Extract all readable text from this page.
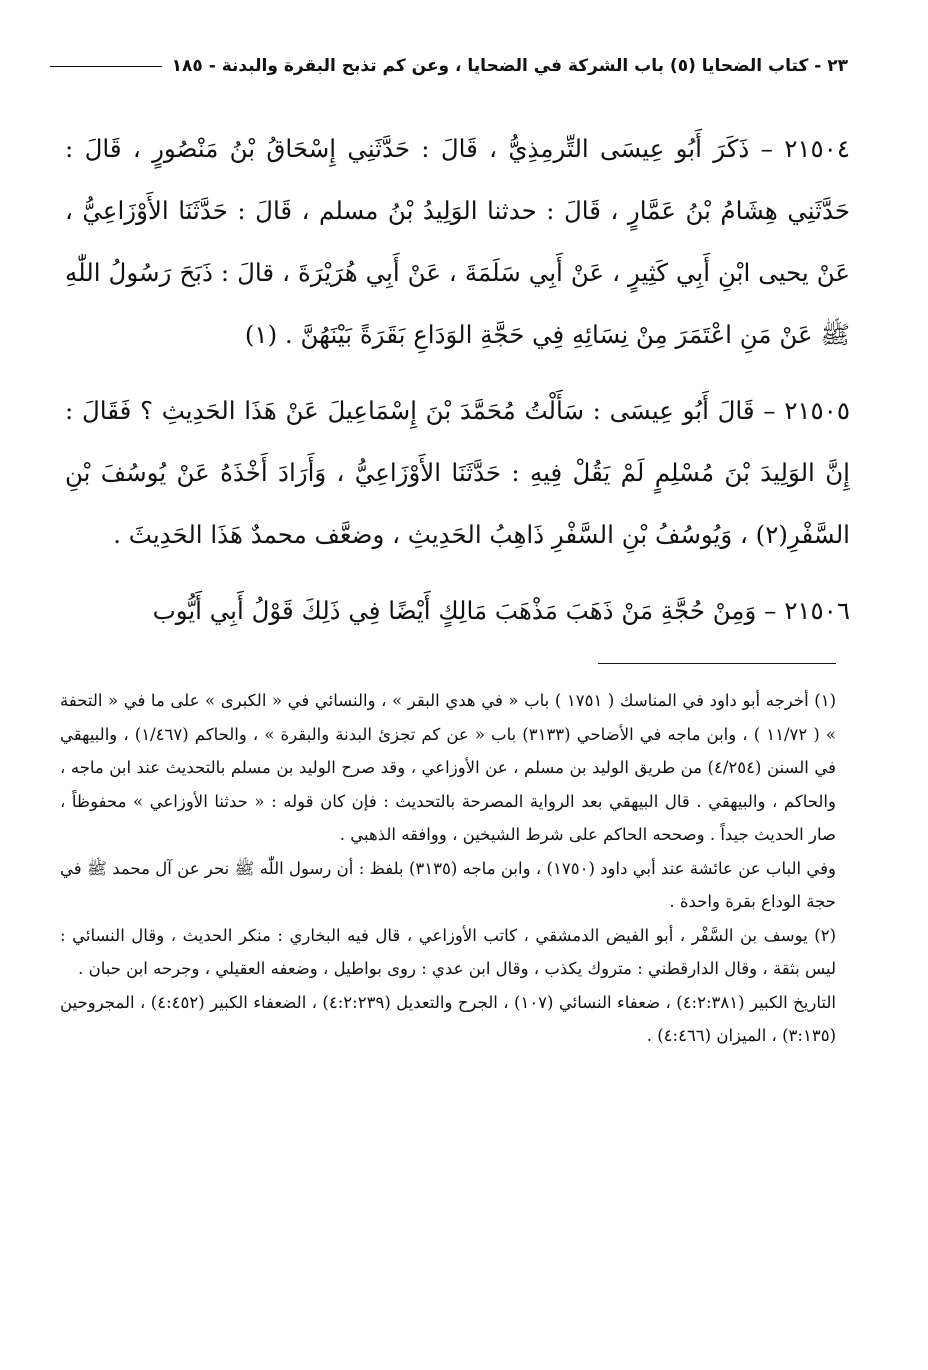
٢٣ - كتاب الضحايا (٥) باب الشركة في الضحايا ، وعن كم تذبح البقرة والبدنة - ١٨٥

٢١٥٠٤ – ذَكَرَ أَبُو عِيسَى التِّرمِذِيُّ ، قَالَ : حَدَّثَنِي إِسْحَاقُ بْنُ مَنْصُورٍ ، قَالَ : حَدَّثَنِي هِشَامُ بْنُ عَمَّارٍ ، قَالَ : حدثنا الوَلِيدُ بْنُ مسلم ، قَالَ : حَدَّثَنَا الأَوْزَاعِيُّ ، عَنْ يحيى ابْنِ أَبِي كَثِيرٍ ، عَنْ أَبِي سَلَمَةَ ، عَنْ أَبِي هُرَيْرَةَ ، قالَ : ذَبَحَ رَسُولُ اللّٰهِ ﷺ عَنْ مَنِ اعْتَمَرَ مِنْ نِسَائِهِ فِي حَجَّةِ الوَدَاعِ بَقَرَةً بَيْنَهُنَّ . (١)

٢١٥٠٥ – قَالَ أَبُو عِيسَى : سَأَلْتُ مُحَمَّدَ بْنَ إِسْمَاعِيلَ عَنْ هَذَا الحَدِيثِ ؟ فَقَالَ : إِنَّ الوَلِيدَ بْنَ مُسْلِمٍ لَمْ يَقُلْ فِيهِ : حَدَّثَنَا الأَوْزَاعِيُّ ، وَأَرَادَ أَخْذَهُ عَنْ يُوسُفَ بْنِ السَّفْرِ(٢) ، وَيُوسُفُ بْنِ السَّفْرِ ذَاهِبُ الحَدِيثِ ، وضعَّف محمدٌ هَذَا الحَدِيثَ .

٢١٥٠٦ – وَمِنْ حُجَّةِ مَنْ ذَهَبَ مَذْهَبَ مَالِكٍ أَيْضًا فِي ذَلِكَ قَوْلُ أَبِي أَيُّوب

(١) أخرجه أبو داود في المناسك ( ١٧٥١ ) باب « في هدي البقر » ، والنسائي في « الكبرى » على ما في « التحفة » ( ١١/٧٢ ) ، وابن ماجه في الأضاحي (٣١٣٣) باب « عن كم تجزئ البدنة والبقرة » ، والحاكم (١/٤٦٧) ، والبيهقي في السنن (٤/٢٥٤) من طريق الوليد بن مسلم ، عن الأوزاعي ، وقد صرح الوليد بن مسلم بالتحديث عند ابن ماجه ، والحاكم ، والبيهقي . قال البيهقي بعد الرواية المصرحة بالتحديث : فإن كان قوله : « حدثنا الأوزاعي » محفوظاً ، صار الحديث جيداً . وصححه الحاكم على شرط الشيخين ، ووافقه الذهبي .

وفي الباب عن عائشة عند أبي داود (١٧٥٠) ، وابن ماجه (٣١٣٥) بلفظ : أن رسول اللّٰه ﷺ نحر عن آل محمد ﷺ في حجة الوداع بقرة واحدة .

(٢) يوسف بن السَّفْر ، أبو الفيض الدمشقي ، كاتب الأوزاعي ، قال فيه البخاري : منكر الحديث ، وقال النسائي : ليس بثقة ، وقال الدارقطني : متروك يكذب ، وقال ابن عدي : روى بواطيل ، وضعفه العقيلي ، وجرحه ابن حبان .

التاريخ الكبير (٤:٢:٣٨١) ، ضعفاء النسائي (١٠٧) ، الجرح والتعديل (٤:٢:٢٣٩) ، الضعفاء الكبير (٤:٤٥٢) ، المجروحين (٣:١٣٥) ، الميزان (٤:٤٦٦) .
